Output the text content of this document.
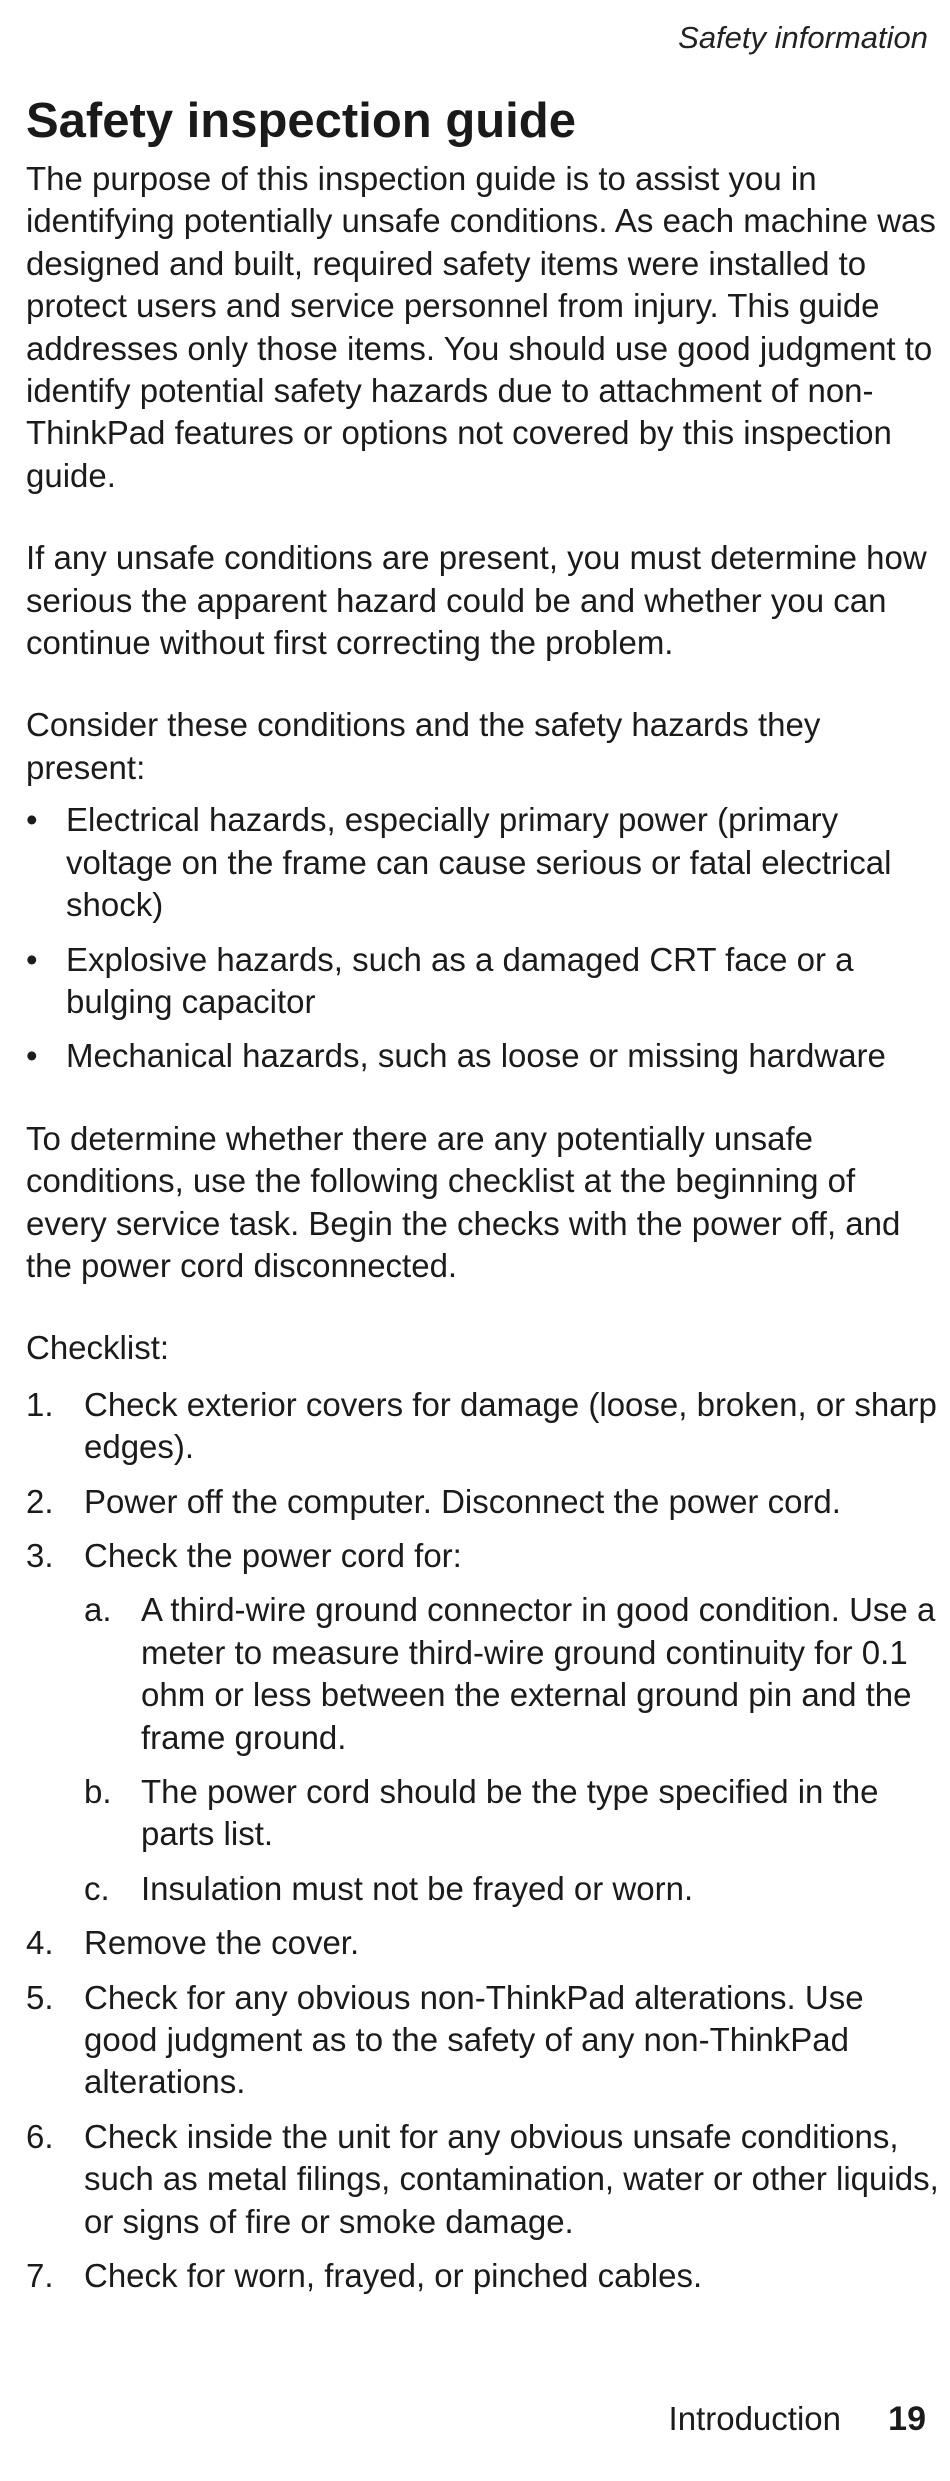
Safety information
Safety inspection guide

The purpose of this inspection guide is to assist you in identifying potentially unsafe conditions. As each machine was designed and built, required safety items were installed to protect users and service personnel from injury. This guide addresses only those items. You should use good judgment to identify potential safety hazards due to attachment of non-ThinkPad features or options not covered by this inspection guide.

If any unsafe conditions are present, you must determine how serious the apparent hazard could be and whether you can continue without first correcting the problem.

Consider these conditions and the safety hazards they present:

• Electrical hazards, especially primary power (primary voltage on the frame can cause serious or fatal electrical shock)
• Explosive hazards, such as a damaged CRT face or a bulging capacitor
• Mechanical hazards, such as loose or missing hardware

To determine whether there are any potentially unsafe conditions, use the following checklist at the beginning of every service task. Begin the checks with the power off, and the power cord disconnected.

Checklist:

1. Check exterior covers for damage (loose, broken, or sharp edges).
2. Power off the computer. Disconnect the power cord.
3. Check the power cord for:
a. A third-wire ground connector in good condition. Use a meter to measure third-wire ground continuity for 0.1 ohm or less between the external ground pin and the frame ground.
b. The power cord should be the type specified in the parts list.
c. Insulation must not be frayed or worn.
4. Remove the cover.
5. Check for any obvious non-ThinkPad alterations. Use good judgment as to the safety of any non-ThinkPad alterations.
6. Check inside the unit for any obvious unsafe conditions, such as metal filings, contamination, water or other liquids, or signs of fire or smoke damage.
7. Check for worn, frayed, or pinched cables.
Introduction 19
